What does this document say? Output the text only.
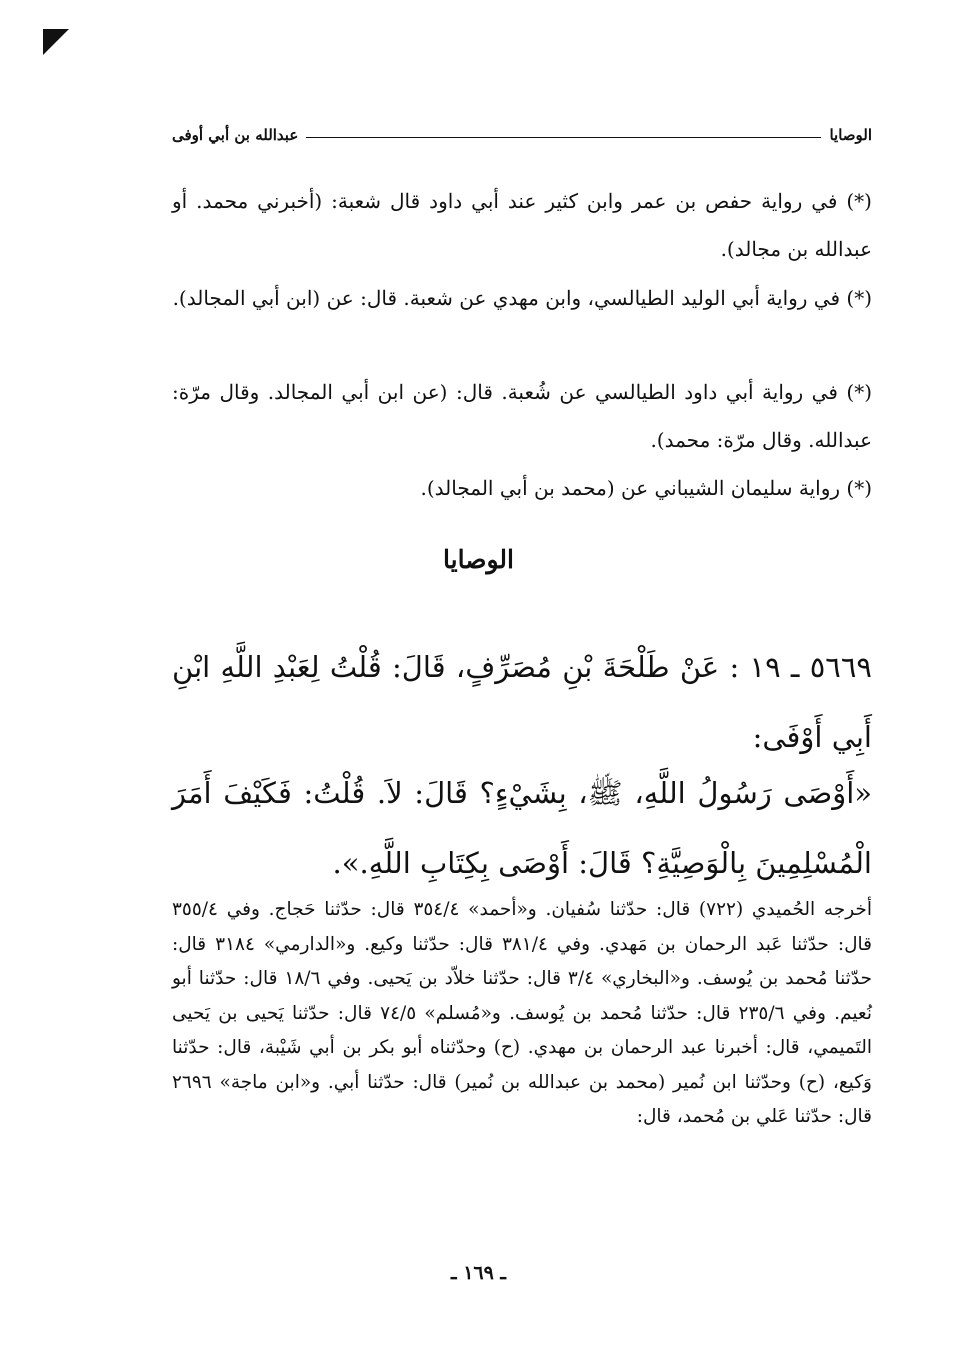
الوصايا
عبدالله بن أبي أوفى
(*) في رواية حفص بن عمر وابن كثير عند أبي داود قال شعبة: (أخبرني محمد. أو عبدالله بن مجالد).
(*) في رواية أبي الوليد الطيالسي، وابن مهدي عن شعبة. قال: عن (ابن أبي المجالد).
(*) في رواية أبي داود الطيالسي عن شُعبة. قال: (عن ابن أبي المجالد. وقال مرّة: عبدالله. وقال مرّة: محمد).
(*) رواية سليمان الشيباني عن (محمد بن أبي المجالد).
الوصايا
٥٦٦٩ ـ ١٩ : عَنْ طَلْحَةَ بْنِ مُصَرِّفٍ، قَالَ: قُلْتُ لِعَبْدِ اللَّهِ ابْنِ أَبِي أَوْفَى:
«أَوْصَى رَسُولُ اللَّهِ، ﷺ، بِشَيْءٍ؟ قَالَ: لاَ. قُلْتُ: فَكَيْفَ أَمَرَ الْمُسْلِمِينَ بِالْوَصِيَّةِ؟ قَالَ: أَوْصَى بِكِتَابِ اللَّهِ.».
أخرجه الحُميدي (٧٢٢) قال: حدّثنا سُفيان. و«أحمد» ٣٥٤/٤ قال: حدّثنا حَجاج. وفي ٣٥٥/٤ قال: حدّثنا عَبد الرحمان بن مَهدي. وفي ٣٨١/٤ قال: حدّثنا وكيع. و«الدارمي» ٣١٨٤ قال: حدّثنا مُحمد بن يُوسف. و«البخاري» ٣/٤ قال: حدّثنا خلاّد بن يَحيى. وفي ١٨/٦ قال: حدّثنا أبو نُعيم. وفي ٢٣٥/٦ قال: حدّثنا مُحمد بن يُوسف. و«مُسلم» ٧٤/٥ قال: حدّثنا يَحيى بن يَحيى التَميمي، قال: أخبرنا عبد الرحمان بن مهدي. (ح) وحدّثناه أبو بكر بن أبي شَيْبة، قال: حدّثنا وَكيع، (ح) وحدّثنا ابن نُمير (محمد بن عبدالله بن نُمير) قال: حدّثنا أبي. و«ابن ماجة» ٢٦٩٦ قال: حدّثنا عَلي بن مُحمد، قال:
ـ ١٦٩ ـ
